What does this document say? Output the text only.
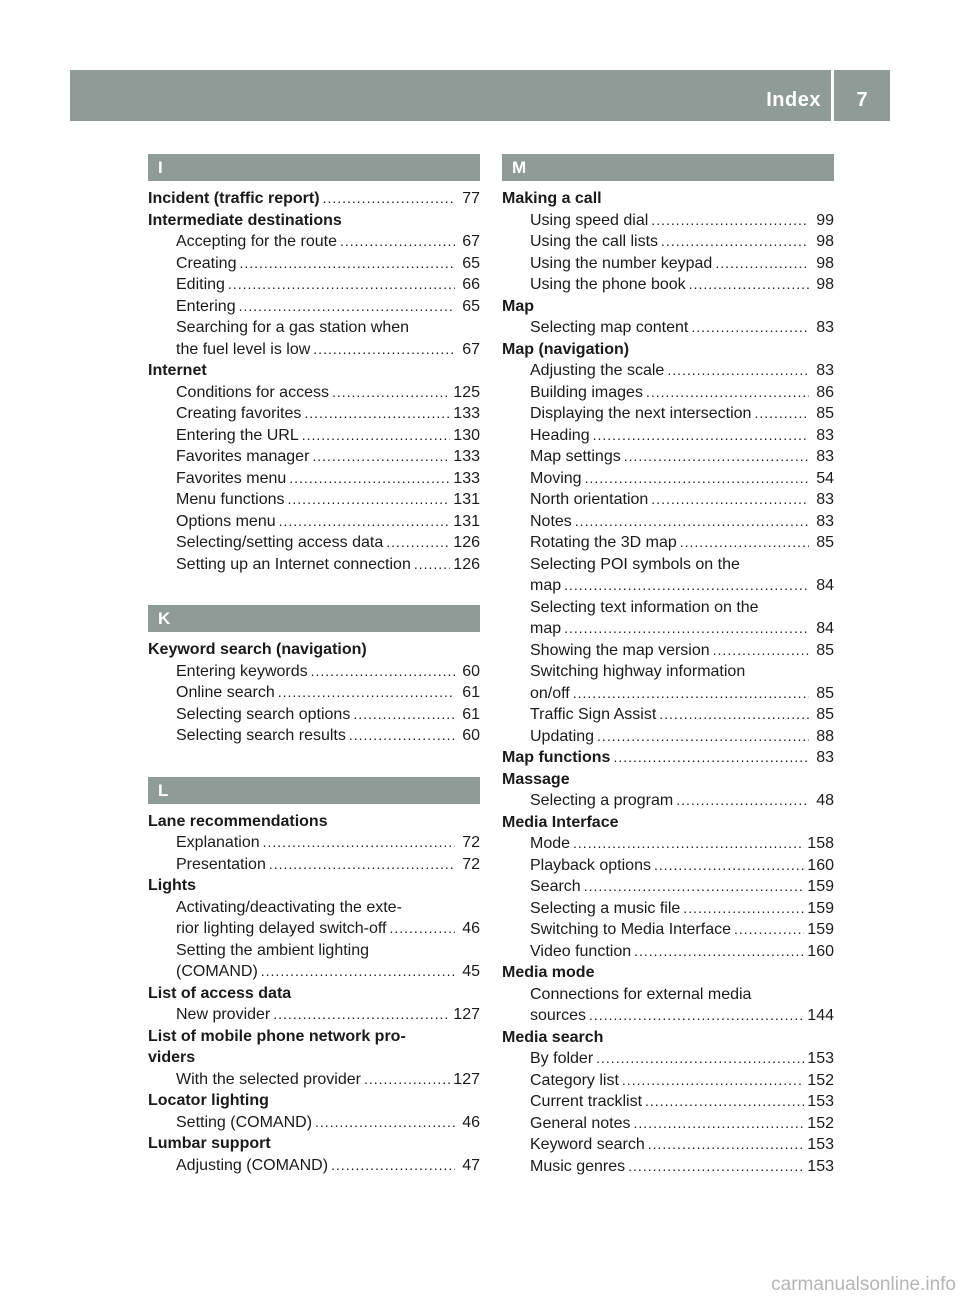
Index	7
I
Incident (traffic report) .....	77
Intermediate destinations
Accepting for the route .....	67
Creating .....	65
Editing .....	66
Entering .....	65
Searching for a gas station when
the fuel level is low .....	67
Internet
Conditions for access .....	125
Creating favorites .....	133
Entering the URL .....	130
Favorites manager .....	133
Favorites menu .....	133
Menu functions .....	131
Options menu .....	131
Selecting/setting access data .....	126
Setting up an Internet connection .....	126
K
Keyword search (navigation)
Entering keywords .....	60
Online search .....	61
Selecting search options .....	61
Selecting search results .....	60
L
Lane recommendations
Explanation .....	72
Presentation .....	72
Lights
Activating/deactivating the exte-
rior lighting delayed switch-off .....	46
Setting the ambient lighting
(COMAND) .....	45
List of access data
New provider .....	127
List of mobile phone network pro-
viders
With the selected provider .....	127
Locator lighting
Setting (COMAND) .....	46
Lumbar support
Adjusting (COMAND) .....	47
M
Making a call
Using speed dial .....	99
Using the call lists .....	98
Using the number keypad .....	98
Using the phone book .....	98
Map
Selecting map content .....	83
Map (navigation)
Adjusting the scale .....	83
Building images .....	86
Displaying the next intersection .....	85
Heading .....	83
Map settings .....	83
Moving .....	54
North orientation .....	83
Notes .....	83
Rotating the 3D map .....	85
Selecting POI symbols on the
map .....	84
Selecting text information on the
map .....	84
Showing the map version .....	85
Switching highway information
on/off .....	85
Traffic Sign Assist .....	85
Updating .....	88
Map functions .....	83
Massage
Selecting a program .....	48
Media Interface
Mode .....	158
Playback options .....	160
Search .....	159
Selecting a music file .....	159
Switching to Media Interface .....	159
Video function .....	160
Media mode
Connections for external media
sources .....	144
Media search
By folder .....	153
Category list .....	152
Current tracklist .....	153
General notes .....	152
Keyword search .....	153
Music genres .....	153
carmanualsonline.info
